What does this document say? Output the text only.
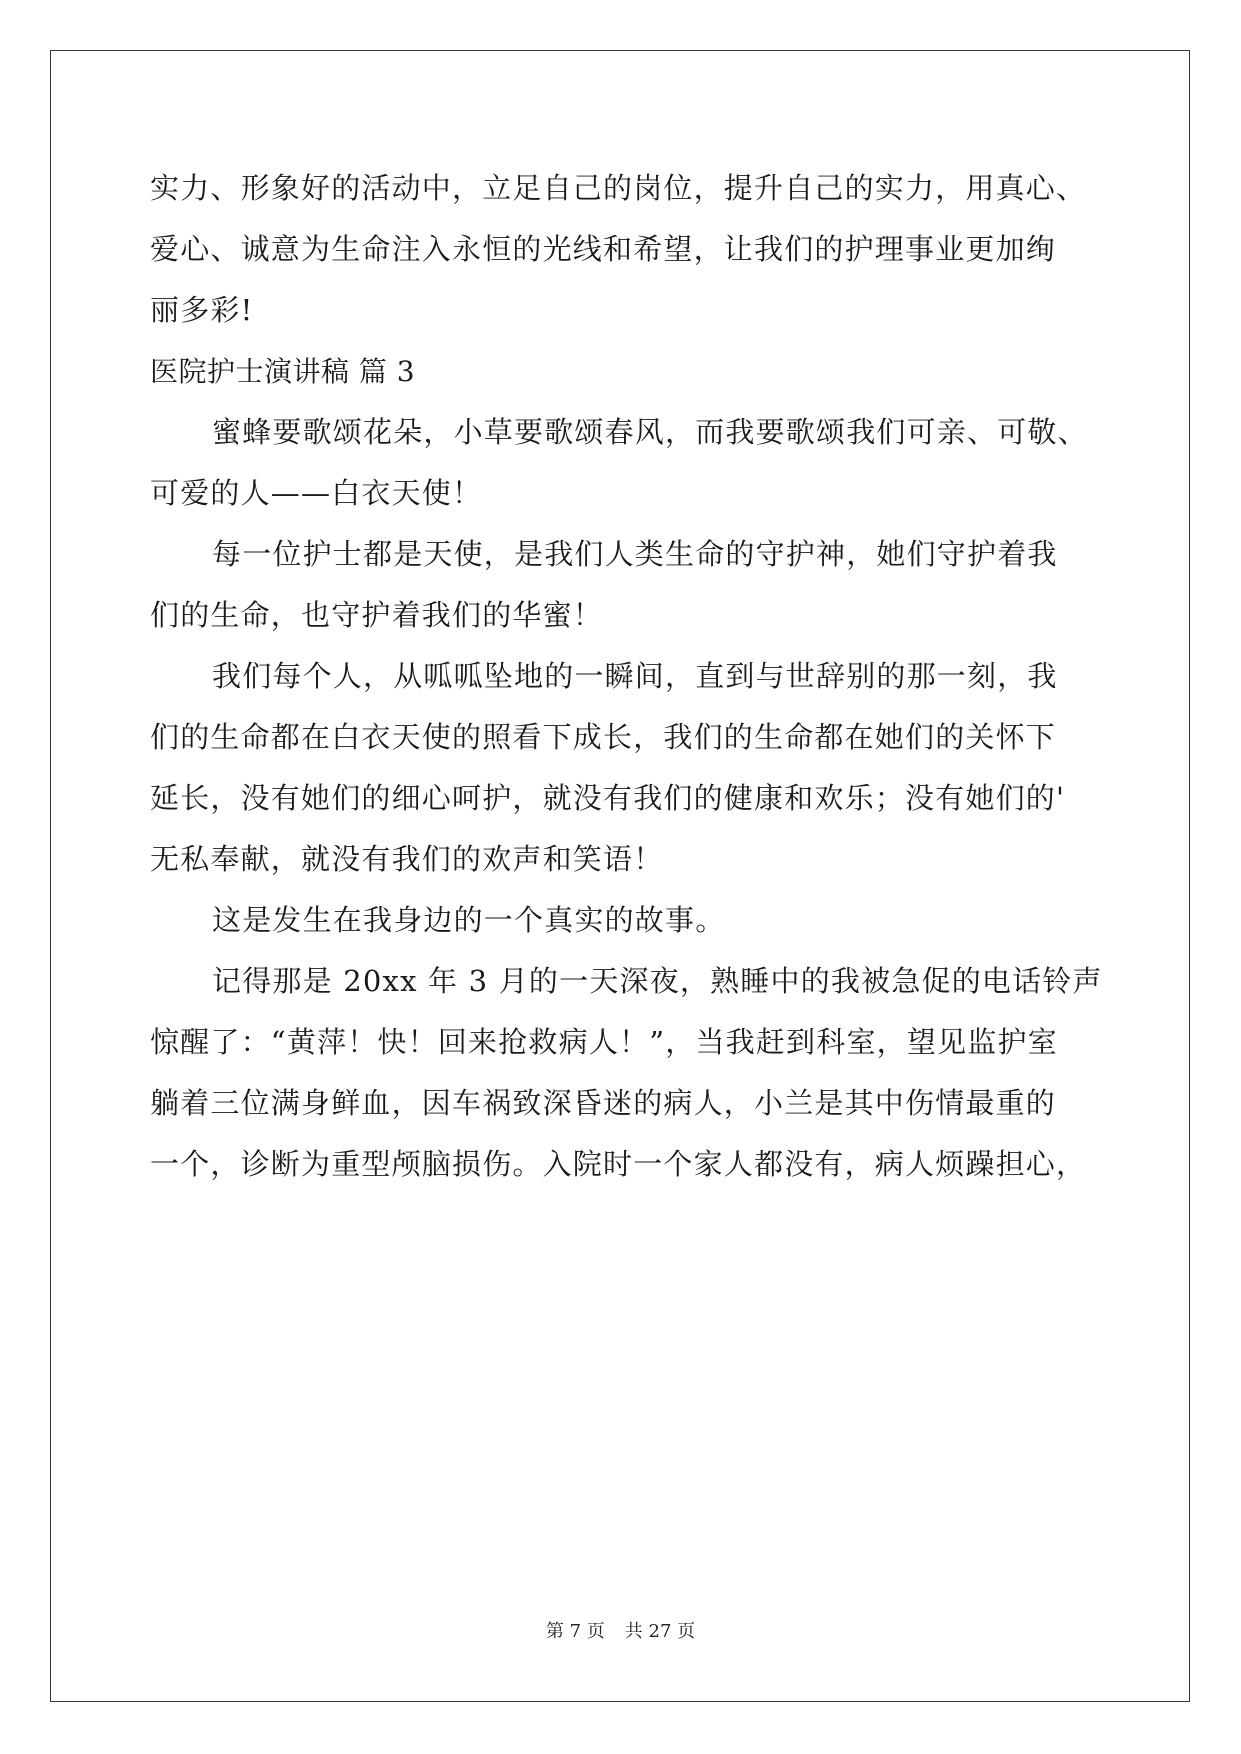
实力、形象好的活动中，立足自己的岗位，提升自己的实力，用真心、
爱心、诚意为生命注入永恒的光线和希望，让我们的护理事业更加绚
丽多彩!
医院护士演讲稿 篇 3
蜜蜂要歌颂花朵，小草要歌颂春风，而我要歌颂我们可亲、可敬、
可爱的人——白衣天使！
每一位护士都是天使，是我们人类生命的守护神，她们守护着我
们的生命，也守护着我们的华蜜！
我们每个人，从呱呱坠地的一瞬间，直到与世辞别的那一刻，我
们的生命都在白衣天使的照看下成长，我们的生命都在她们的关怀下
延长，没有她们的细心呵护，就没有我们的健康和欢乐；没有她们的'
无私奉献，就没有我们的欢声和笑语！
这是发生在我身边的一个真实的故事。
记得那是 20xx 年 3 月的一天深夜，熟睡中的我被急促的电话铃声
惊醒了：“黄萍！快！回来抢救病人！”，当我赶到科室，望见监护室
躺着三位满身鲜血，因车祸致深昏迷的病人，小兰是其中伤情最重的
一个，诊断为重型颅脑损伤。入院时一个家人都没有，病人烦躁担心，
第 7 页 共 27 页
